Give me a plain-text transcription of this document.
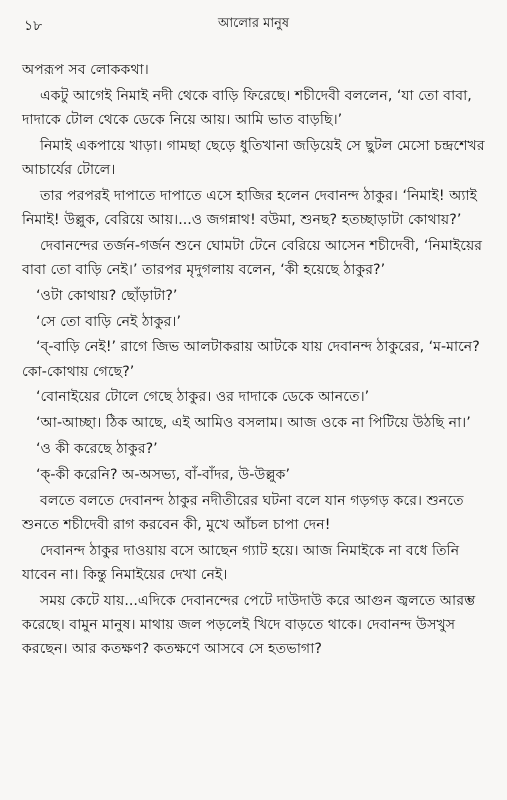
১৮	আলোর মানুষ

অপরূপ সব লোককথা।

একটু আগেই নিমাই নদী থেকে বাড়ি ফিরেছে। শচীদেবী বললেন, ‘যা তো বাবা, দাদাকে টোল থেকে ডেকে নিয়ে আয়। আমি ভাত বাড়ছি।’

নিমাই একপায়ে খাড়া। গামছা ছেড়ে ধুতিখানা জড়িয়েই সে ছুটল মেসো চন্দ্রশেখর আচার্যের টোলে।

তার পরপরই দাপাতে দাপাতে এসে হাজির হলেন দেবানন্দ ঠাকুর। ‘নিমাই! অ্যাই নিমাই! উল্লুক, বেরিয়ে আয়।...ও জগন্নাথ! বউমা, শুনছ? হতচ্ছাড়াটা কোথায়?’

দেবানন্দের তর্জন-গর্জন শুনে ঘোমটা টেনে বেরিয়ে আসেন শচীদেবী, ‘নিমাইয়ের বাবা তো বাড়ি নেই।’ তারপর মৃদুগলায় বলেন, ‘কী হয়েছে ঠাকুর?’

‘ওটা কোথায়? ছোঁড়াটা?’

‘সে তো বাড়ি নেই ঠাকুর।’

‘ব্-বাড়ি নেই!’ রাগে জিভ আলটাকরায় আটকে যায় দেবানন্দ ঠাকুরের, ‘ম-মানে? কো-কোথায় গেছে?’

‘বোনাইয়ের টোলে গেছে ঠাকুর। ওর দাদাকে ডেকে আনতে।’

‘আ-আচ্ছা। ঠিক আছে, এই আমিও বসলাম। আজ ওকে না পিটিয়ে উঠছি না।’

‘ও কী করেছে ঠাকুর?’

‘ক্-কী করেনি? অ-অসভ্য, বাঁ-বাঁদর, উ-উল্লুক’

বলতে বলতে দেবানন্দ ঠাকুর নদীতীরের ঘটনা বলে যান গড়গড় করে। শুনতে শুনতে শচীদেবী রাগ করবেন কী, মুখে আঁচল চাপা দেন!

দেবানন্দ ঠাকুর দাওয়ায় বসে আছেন গ্যাট হয়ে। আজ নিমাইকে না বধে তিনি যাবেন না। কিন্তু নিমাইয়ের দেখা নেই।

সময় কেটে যায়...এদিকে দেবানন্দের পেটে দাউদাউ করে আগুন জ্বলতে আরম্ভ করেছে। বামুন মানুষ। মাথায় জল পড়লেই খিদে বাড়তে থাকে। দেবানন্দ উসখুস করছেন। আর কতক্ষণ? কতক্ষণে আসবে সে হতভাগা?
